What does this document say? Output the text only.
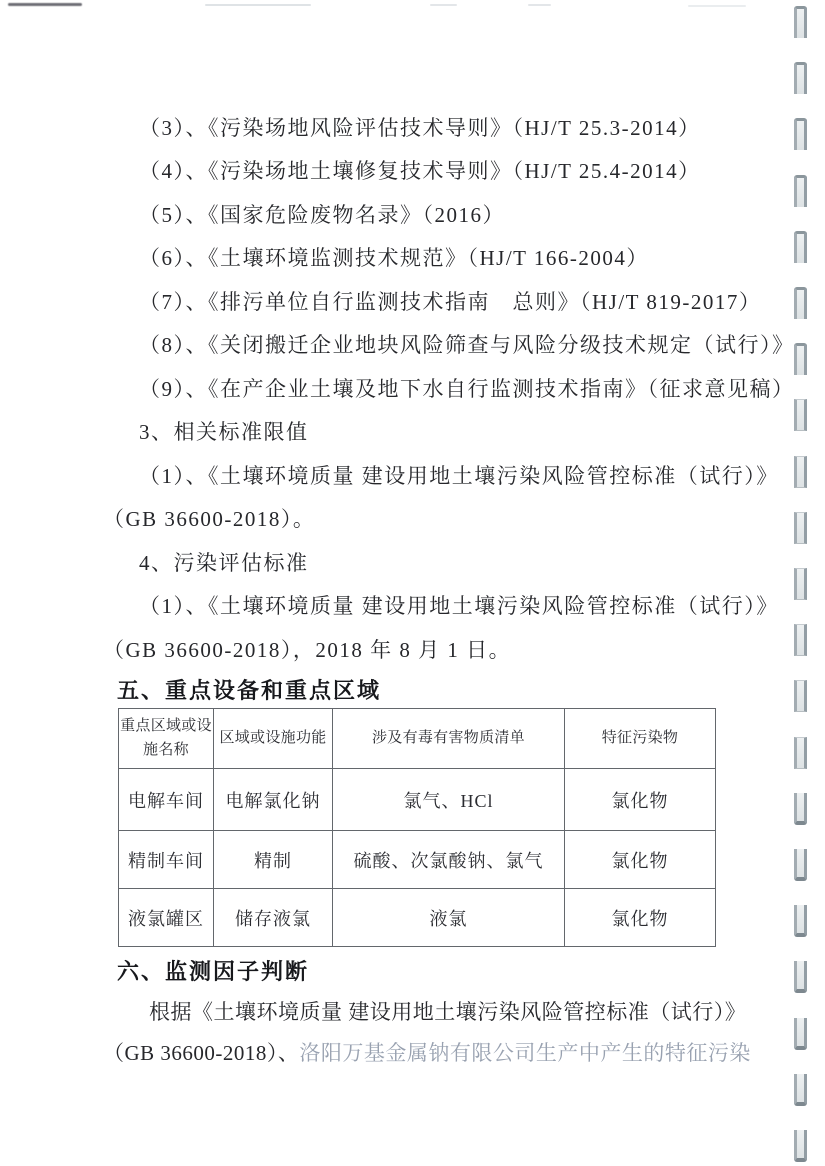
（3）、《污染场地风险评估技术导则》（HJ/T 25.3-2014）
（4）、《污染场地土壤修复技术导则》（HJ/T 25.4-2014）
（5）、《国家危险废物名录》（2016）
（6）、《土壤环境监测技术规范》（HJ/T 166-2004）
（7）、《排污单位自行监测技术指南　总则》（HJ/T 819-2017）
（8）、《关闭搬迁企业地块风险筛查与风险分级技术规定（试行）》
（9）、《在产企业土壤及地下水自行监测技术指南》（征求意见稿）
3、相关标准限值
（1）、《土壤环境质量 建设用地土壤污染风险管控标准（试行）》
（GB 36600-2018）。
4、污染评估标准
（1）、《土壤环境质量 建设用地土壤污染风险管控标准（试行）》
（GB 36600-2018），2018 年 8 月 1 日。
五、重点设备和重点区域
重点区域或设施名称	区域或设施功能	涉及有毒有害物质清单	特征污染物
电解车间	电解氯化钠	氯气、HCl	氯化物
精制车间	精制	硫酸、次氯酸钠、氯气	氯化物
液氯罐区	储存液氯	液氯	氯化物
六、监测因子判断
根据《土壤环境质量 建设用地土壤污染风险管控标准（试行）》
（GB 36600-2018）、 洛阳万基金属钠有限公司生产中产生的特征污染
